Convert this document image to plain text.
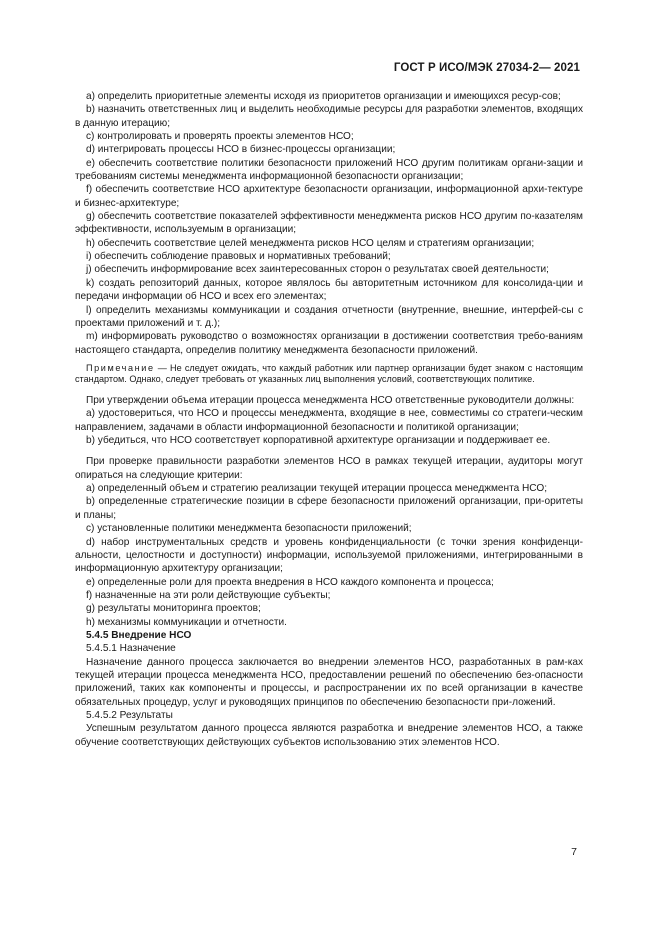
ГОСТ Р ИСО/МЭК 27034-2— 2021

a) определить приоритетные элементы исходя из приоритетов организации и имеющихся ресур-сов;

b) назначить ответственных лиц и выделить необходимые ресурсы для разработки элементов, входящих в данную итерацию;

c) контролировать и проверять проекты элементов НСО;

d) интегрировать процессы НСО в бизнес-процессы организации;

e) обеспечить соответствие политики безопасности приложений НСО другим политикам органи-зации и требованиям системы менеджмента информационной безопасности организации;

f) обеспечить соответствие НСО архитектуре безопасности организации, информационной архи-тектуре и бизнес-архитектуре;

g) обеспечить соответствие показателей эффективности менеджмента рисков НСО другим по-казателям эффективности, используемым в организации;

h) обеспечить соответствие целей менеджмента рисков НСО целям и стратегиям организации;

i) обеспечить соблюдение правовых и нормативных требований;

j) обеспечить информирование всех заинтересованных сторон о результатах своей деятельности;

k) создать репозиторий данных, которое являлось бы авторитетным источником для консолида-ции и передачи информации об НСО и всех его элементах;

l) определить механизмы коммуникации и создания отчетности (внутренние, внешние, интерфей-сы с проектами приложений и т. д.);

m) информировать руководство о возможностях организации в достижении соответствия требо-ваниям настоящего стандарта, определив политику менеджмента безопасности приложений.

Примечание — Не следует ожидать, что каждый работник или партнер организации будет знаком с настоящим стандартом. Однако, следует требовать от указанных лиц выполнения условий, соответствующих политике.

При утверждении объема итерации процесса менеджмента НСО ответственные руководители должны:

a) удостовериться, что НСО и процессы менеджмента, входящие в нее, совместимы со стратеги-ческим направлением, задачами в области информационной безопасности и политикой организации;

b) убедиться, что НСО соответствует корпоративной архитектуре организации и поддерживает ее.

При проверке правильности разработки элементов НСО в рамках текущей итерации, аудиторы могут опираться на следующие критерии:

a) определенный объем и стратегию реализации текущей итерации процесса менеджмента НСО;

b) определенные стратегические позиции в сфере безопасности приложений организации, при-оритеты и планы;

c) установленные политики менеджмента безопасности приложений;

d) набор инструментальных средств и уровень конфиденциальности (с точки зрения конфиденци-альности, целостности и доступности) информации, используемой приложениями, интегрированными в информационную архитектуру организации;

e) определенные роли для проекта внедрения в НСО каждого компонента и процесса;

f) назначенные на эти роли действующие субъекты;

g) результаты мониторинга проектов;

h) механизмы коммуникации и отчетности.

5.4.5 Внедрение НСО

5.4.5.1 Назначение

Назначение данного процесса заключается во внедрении элементов НСО, разработанных в рам-ках текущей итерации процесса менеджмента НСО, предоставлении решений по обеспечению без-опасности приложений, таких как компоненты и процессы, и распространении их по всей организации в качестве обязательных процедур, услуг и руководящих принципов по обеспечению безопасности при-ложений.

5.4.5.2 Результаты

Успешным результатом данного процесса являются разработка и внедрение элементов НСО, а также обучение соответствующих действующих субъектов использованию этих элементов НСО.

7
